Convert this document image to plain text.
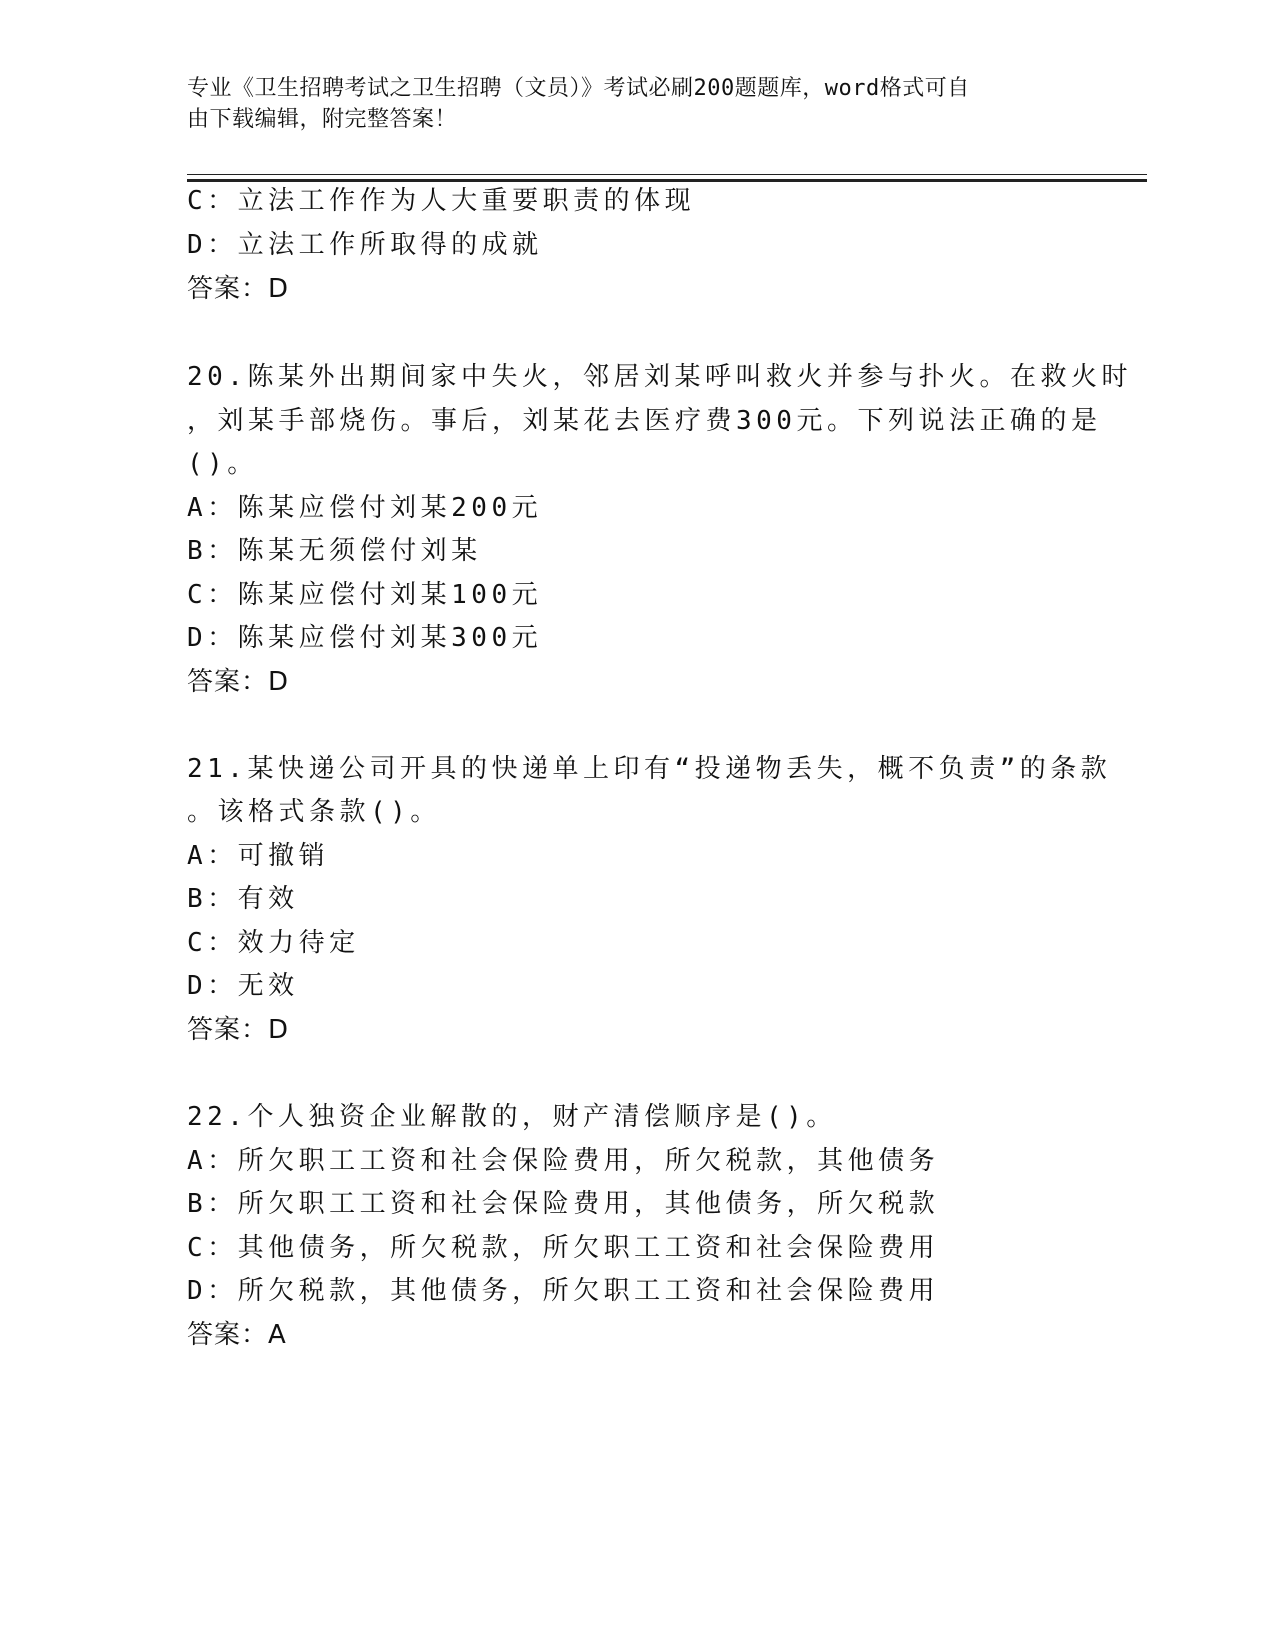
专业《卫生招聘考试之卫生招聘（文员）》考试必刷200题题库，word格式可自
由下载编辑，附完整答案！
C：立法工作作为人大重要职责的体现
D：立法工作所取得的成就
答案：D
20.陈某外出期间家中失火，邻居刘某呼叫救火并参与扑火。在救火时
，刘某手部烧伤。事后，刘某花去医疗费300元。下列说法正确的是
()。
A：陈某应偿付刘某200元
B：陈某无须偿付刘某
C：陈某应偿付刘某100元
D：陈某应偿付刘某300元
答案：D
21.某快递公司开具的快递单上印有“投递物丢失，概不负责”的条款
。该格式条款()。
A：可撤销
B：有效
C：效力待定
D：无效
答案：D
22.个人独资企业解散的，财产清偿顺序是()。
A：所欠职工工资和社会保险费用，所欠税款，其他债务
B：所欠职工工资和社会保险费用，其他债务，所欠税款
C：其他债务，所欠税款，所欠职工工资和社会保险费用
D：所欠税款，其他债务，所欠职工工资和社会保险费用
答案：A
